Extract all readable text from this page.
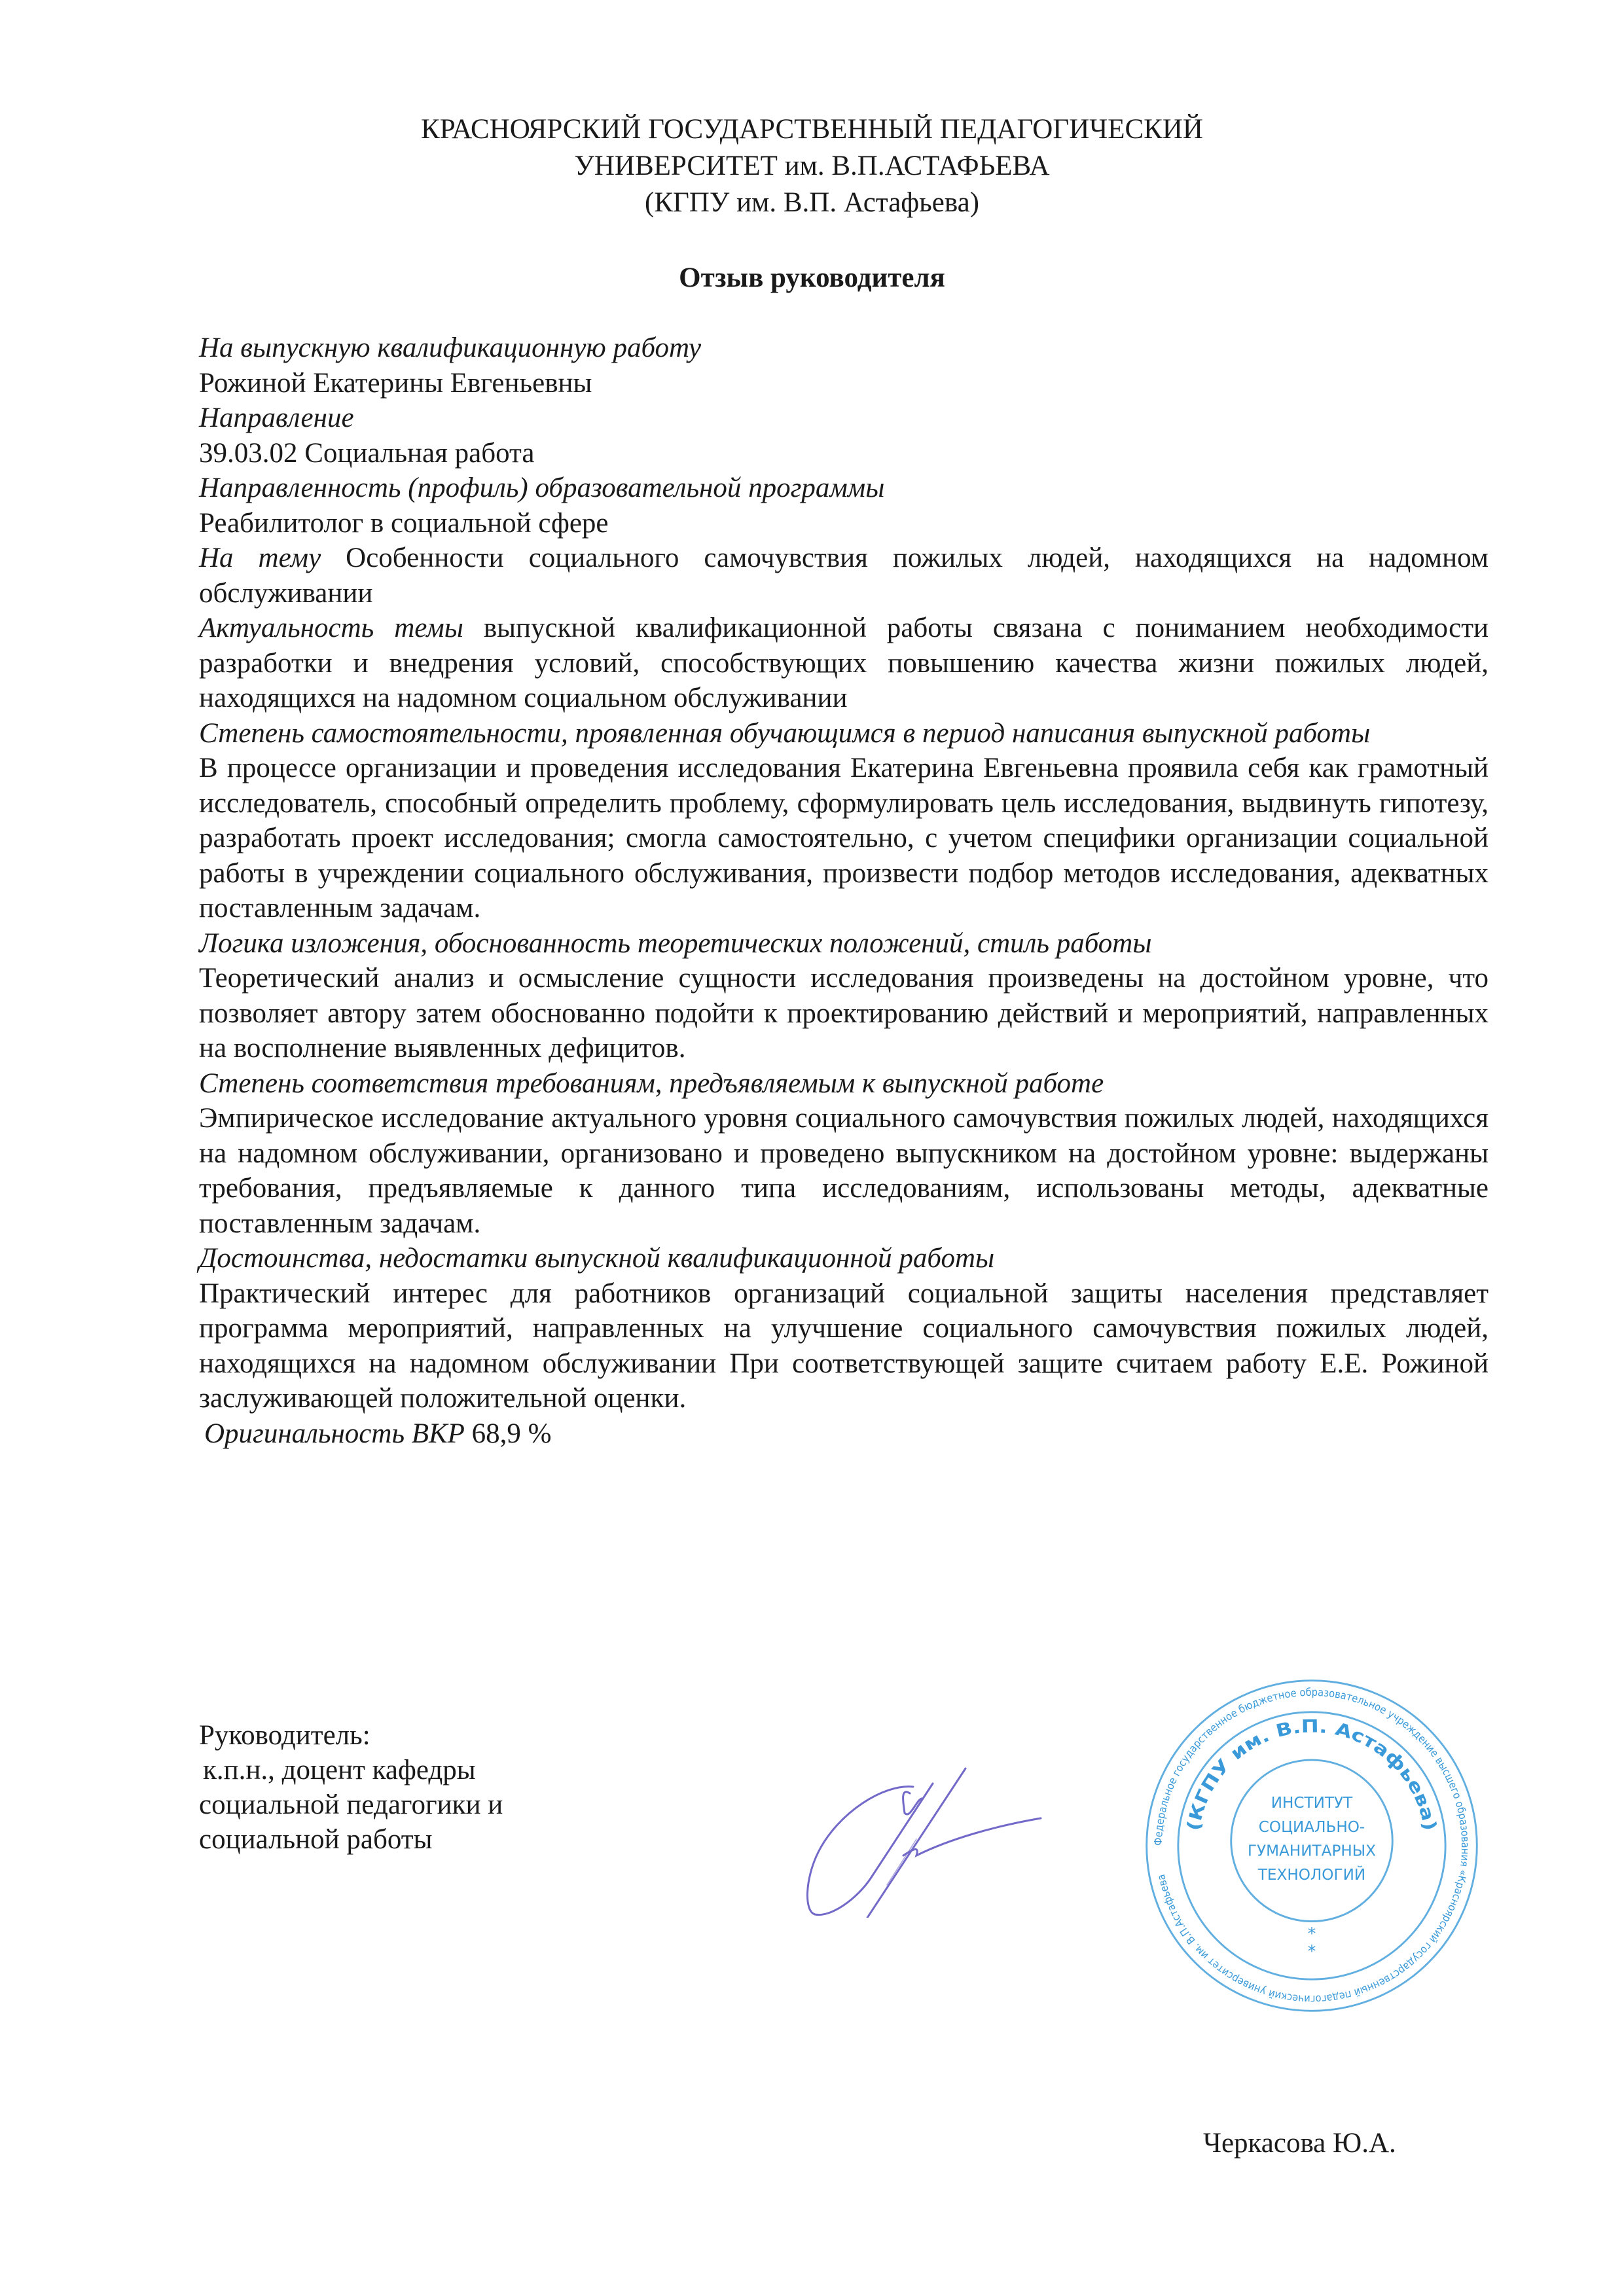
КРАСНОЯРСКИЙ ГОСУДАРСТВЕННЫЙ ПЕДАГОГИЧЕСКИЙ
УНИВЕРСИТЕТ им. В.П.АСТАФЬЕВА
(КГПУ им. В.П. Астафьева)
Отзыв руководителя

На выпускную квалификационную работу

Рожиной Екатерины Евгеньевны

Направление

39.03.02 Социальная работа

Направленность (профиль) образовательной программы

Реабилитолог в социальной сфере

На тему Особенности социального самочувствия пожилых людей, находящихся на надомном обслуживании

Актуальность темы выпускной квалификационной работы связана с пониманием необходимости разработки и внедрения условий, способствующих повышению качества жизни пожилых людей, находящихся на надомном социальном обслуживании

Степень самостоятельности, проявленная обучающимся в период написания выпускной работы

В процессе организации и проведения исследования Екатерина Евгеньевна проявила себя как грамотный исследователь, способный определить проблему, сформулировать цель исследования, выдвинуть гипотезу, разработать проект исследования; смогла самостоятельно, с учетом специфики организации социальной работы в учреждении социального обслуживания, произвести подбор методов исследования, адекватных поставленным задачам.

Логика изложения, обоснованность теоретических положений, стиль работы

Теоретический анализ и осмысление сущности исследования произведены на достойном уровне, что позволяет автору затем обоснованно подойти к проектированию действий и мероприятий, направленных на восполнение выявленных дефицитов.

Степень соответствия требованиям, предъявляемым к выпускной работе

Эмпирическое исследование актуального уровня социального самочувствия пожилых людей, находящихся на надомном обслуживании, организовано и проведено выпускником на достойном уровне: выдержаны требования, предъявляемые к данного типа исследованиям, использованы методы, адекватные поставленным задачам.

Достоинства, недостатки выпускной квалификационной работы

Практический интерес для работников организаций социальной защиты населения представляет программа мероприятий, направленных на улучшение социального самочувствия пожилых людей, находящихся на надомном обслуживании При соответствующей защите считаем работу Е.Е. Рожиной заслуживающей положительной оценки.

Оригинальность ВКР 68,9 %

Руководитель:
к.п.н., доцент кафедры
социальной педагогики и
социальной работы	Федеральное государственное бюджетное образовательное учреждение высшего образования «Красноярский государственный педагогический университет им. В.П.Астафьева
(КГПУ им. В.П. Астафьева)
ИНСТИТУТ
СОЦИАЛЬНО-
ГУМАНИТАРНЫХ
ТЕХНОЛОГИЙ
*
*
Черкасова Ю.А.
